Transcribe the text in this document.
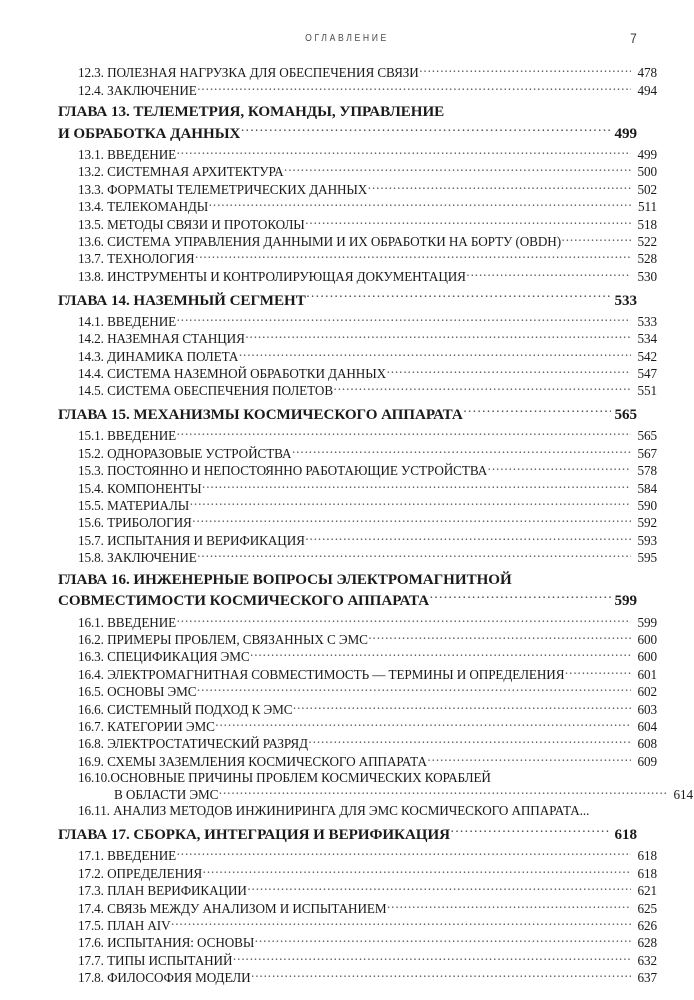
ОГЛАВЛЕНИЕ	7
12.3. ПОЛЕЗНАЯ НАГРУЗКА ДЛЯ ОБЕСПЕЧЕНИЯ СВЯЗИ .....	478
12.4. ЗАКЛЮЧЕНИЕ .....	494
ГЛАВА 13. ТЕЛЕМЕТРИЯ, КОМАНДЫ, УПРАВЛЕНИЕ
И ОБРАБОТКА ДАННЫХ .....	499
13.1. ВВЕДЕНИЕ .....	499
13.2. СИСТЕМНАЯ АРХИТЕКТУРА .....	500
13.3. ФОРМАТЫ ТЕЛЕМЕТРИЧЕСКИХ ДАННЫХ .....	502
13.4. ТЕЛЕКОМАНДЫ .....	511
13.5. МЕТОДЫ СВЯЗИ И ПРОТОКОЛЫ .....	518
13.6. СИСТЕМА УПРАВЛЕНИЯ ДАННЫМИ И ИХ ОБРАБОТКИ НА БОРТУ (OBDH) .....	522
13.7. ТЕХНОЛОГИЯ .....	528
13.8. ИНСТРУМЕНТЫ И КОНТРОЛИРУЮЩАЯ ДОКУМЕНТАЦИЯ .....	530
ГЛАВА 14. НАЗЕМНЫЙ СЕГМЕНТ .....	533
14.1. ВВЕДЕНИЕ .....	533
14.2. НАЗЕМНАЯ СТАНЦИЯ .....	534
14.3. ДИНАМИКА ПОЛЕТА .....	542
14.4. СИСТЕМА НАЗЕМНОЙ ОБРАБОТКИ ДАННЫХ .....	547
14.5. СИСТЕМА ОБЕСПЕЧЕНИЯ ПОЛЕТОВ .....	551
ГЛАВА 15. МЕХАНИЗМЫ КОСМИЧЕСКОГО АППАРАТА .....	565
15.1. ВВЕДЕНИЕ .....	565
15.2. ОДНОРАЗОВЫЕ УСТРОЙСТВА .....	567
15.3. ПОСТОЯННО И НЕПОСТОЯННО РАБОТАЮЩИЕ УСТРОЙСТВА .....	578
15.4. КОМПОНЕНТЫ .....	584
15.5. МАТЕРИАЛЫ .....	590
15.6. ТРИБОЛОГИЯ .....	592
15.7. ИСПЫТАНИЯ И ВЕРИФИКАЦИЯ .....	593
15.8. ЗАКЛЮЧЕНИЕ .....	595
ГЛАВА 16. ИНЖЕНЕРНЫЕ ВОПРОСЫ ЭЛЕКТРОМАГНИТНОЙ
СОВМЕСТИМОСТИ КОСМИЧЕСКОГО АППАРАТА .....	599
16.1. ВВЕДЕНИЕ .....	599
16.2. ПРИМЕРЫ ПРОБЛЕМ, СВЯЗАННЫХ С ЭМС .....	600
16.3. СПЕЦИФИКАЦИЯ ЭМС .....	600
16.4. ЭЛЕКТРОМАГНИТНАЯ СОВМЕСТИМОСТЬ — ТЕРМИНЫ И ОПРЕДЕЛЕНИЯ .....	601
16.5. ОСНОВЫ ЭМС .....	602
16.6. СИСТЕМНЫЙ ПОДХОД К ЭМС .....	603
16.7. КАТЕГОРИИ ЭМС .....	604
16.8. ЭЛЕКТРОСТАТИЧЕСКИЙ РАЗРЯД .....	608
16.9. СХЕМЫ ЗАЗЕМЛЕНИЯ КОСМИЧЕСКОГО АППАРАТА .....	609
16.10.ОСНОВНЫЕ ПРИЧИНЫ ПРОБЛЕМ КОСМИЧЕСКИХ КОРАБЛЕЙ
В ОБЛАСТИ ЭМС .....	614
16.11. АНАЛИЗ МЕТОДОВ ИНЖИНИРИНГА ДЛЯ ЭМС КОСМИЧЕСКОГО АППАРАТА...
ГЛАВА 17. СБОРКА, ИНТЕГРАЦИЯ И ВЕРИФИКАЦИЯ .....	618
17.1. ВВЕДЕНИЕ .....	618
17.2. ОПРЕДЕЛЕНИЯ .....	618
17.3. ПЛАН ВЕРИФИКАЦИИ .....	621
17.4. СВЯЗЬ МЕЖДУ АНАЛИЗОМ И ИСПЫТАНИЕМ .....	625
17.5. ПЛАН AIV .....	626
17.6. ИСПЫТАНИЯ: ОСНОВЫ .....	628
17.7. ТИПЫ ИСПЫТАНИЙ .....	632
17.8. ФИЛОСОФИЯ МОДЕЛИ .....	637
